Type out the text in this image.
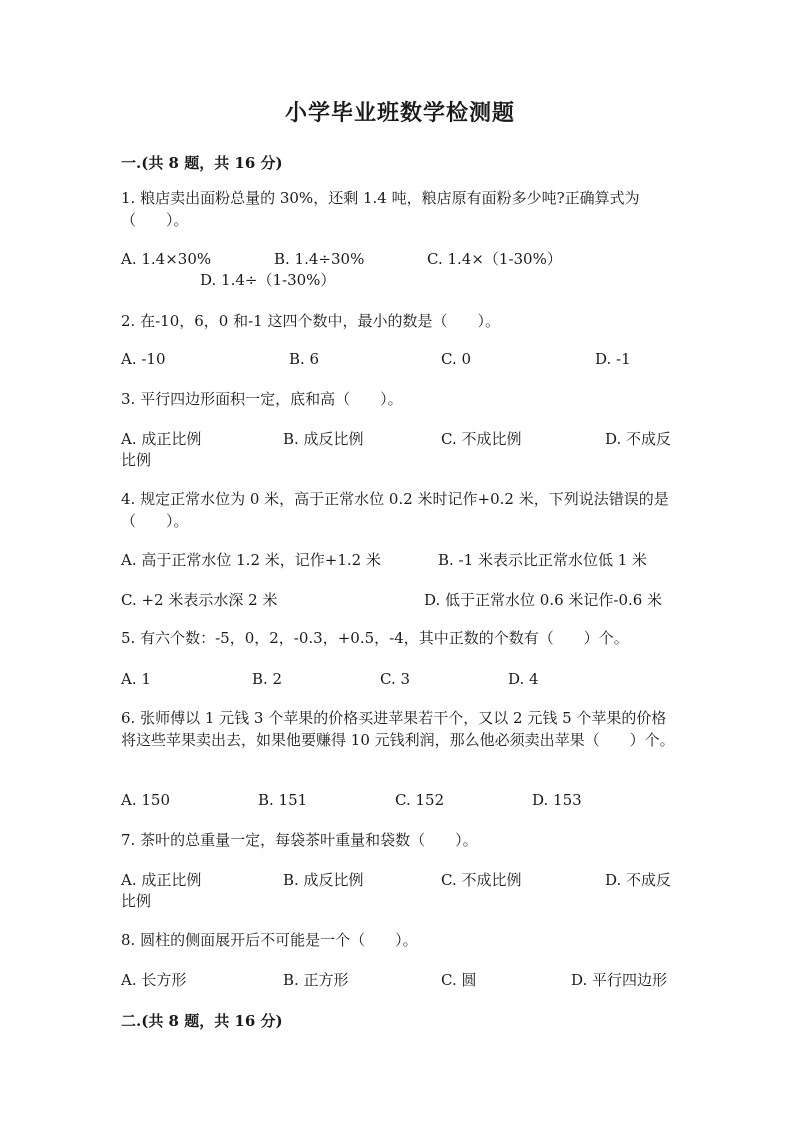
小学毕业班数学检测题
一.(共 8 题，共 16 分)
1. 粮店卖出面粉总量的 30%，还剩 1.4 吨，粮店原有面粉多少吨?正确算式为（　　）。
A. 1.4×30%	B. 1.4÷30%	C. 1.4×（1-30%）
D. 1.4÷（1-30%）
2. 在-10，6，0 和-1 这四个数中，最小的数是（　　）。
A. -10	B. 6	C. 0	D. -1
3. 平行四边形面积一定，底和高（　　）。
A. 成正比例	B. 成反比例	C. 不成比例	D. 不成反
比例
4. 规定正常水位为 0 米，高于正常水位 0.2 米时记作+0.2 米，下列说法错误的是（　　）。
A. 高于正常水位 1.2 米，记作+1.2 米	B. -1 米表示比正常水位低 1 米
C. +2 米表示水深 2 米	D. 低于正常水位 0.6 米记作-0.6 米
5. 有六个数：-5，0，2，-0.3，+0.5，-4，其中正数的个数有（　　）个。
A. 1	B. 2	C. 3	D. 4
6. 张师傅以 1 元钱 3 个苹果的价格买进苹果若干个，又以 2 元钱 5 个苹果的价格将这些苹果卖出去，如果他要赚得 10 元钱利润，那么他必须卖出苹果（　　）个。
A. 150	B. 151	C. 152	D. 153
7. 茶叶的总重量一定，每袋茶叶重量和袋数（　　）。
A. 成正比例	B. 成反比例	C. 不成比例	D. 不成反
比例
8. 圆柱的侧面展开后不可能是一个（　　）。
A. 长方形	B. 正方形	C. 圆	D. 平行四边形
二.(共 8 题，共 16 分)
